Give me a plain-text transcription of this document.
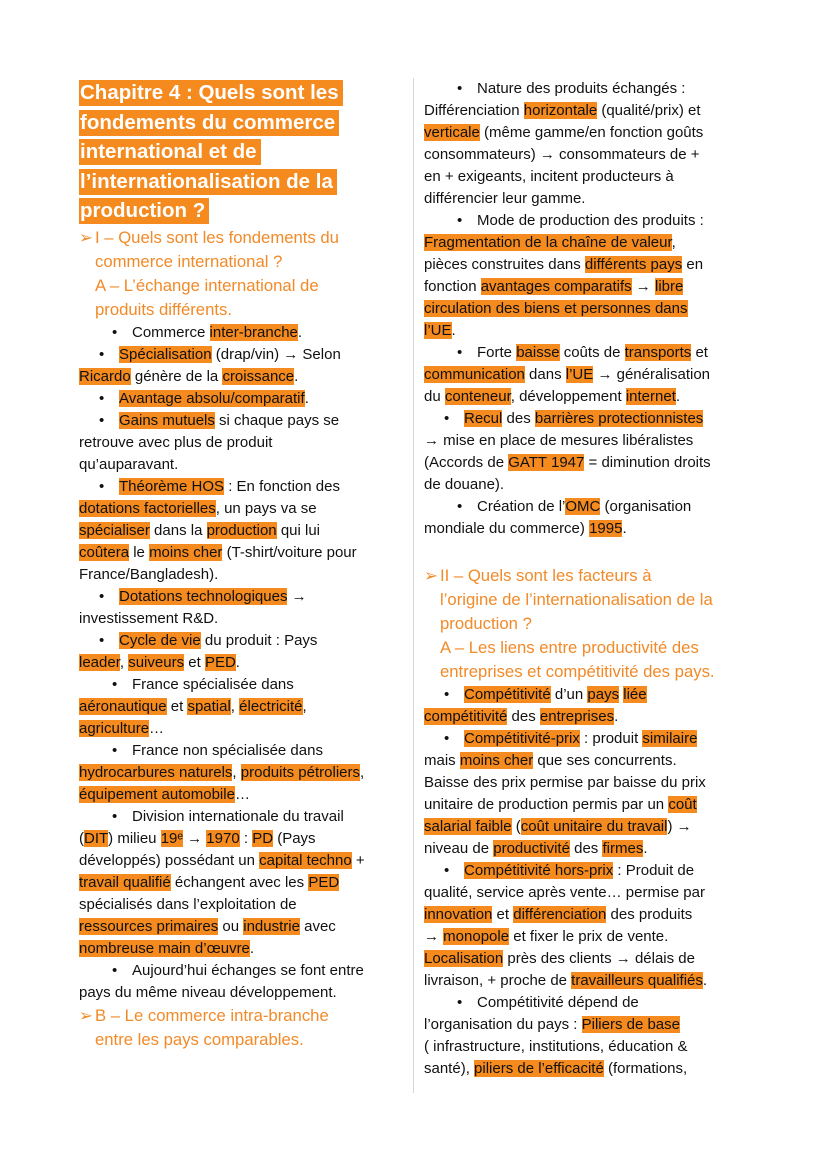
Chapitre 4 : Quels sont les fondements du commerce international et de l’internationalisation de la production ?
➢ I – Quels sont les fondements du
commerce international ?
A – L’échange international de
produits différents.
• Commerce inter-branche.
• Spécialisation (drap/vin) → Selon
Ricardo génère de la croissance.
• Avantage absolu/comparatif.
• Gains mutuels si chaque pays se
retrouve avec plus de produit
qu’auparavant.
• Théorème HOS : En fonction des
dotations factorielles, un pays va se
spécialiser dans la production qui lui
coûtera le moins cher (T-shirt/voiture pour
France/Bangladesh).
• Dotations technologiques →
investissement R&D.
• Cycle de vie du produit : Pays
leader, suiveurs et PED.
• France spécialisée dans
aéronautique et spatial, électricité,
agriculture…
• France non spécialisée dans
hydrocarbures naturels, produits pétroliers,
équipement automobile…
• Division internationale du travail
(DIT) milieu 19ᵉ → 1970 : PD (Pays
développés) possédant un capital techno +
travail qualifié échangent avec les PED
spécialisés dans l’exploitation de
ressources primaires ou industrie avec
nombreuse main d’œuvre.
• Aujourd’hui échanges se font entre
pays du même niveau développement.
➢ B – Le commerce intra-branche
entre les pays comparables.
• Nature des produits échangés :
Différenciation horizontale (qualité/prix) et
verticale (même gamme/en fonction goûts
consommateurs) → consommateurs de +
en + exigeants, incitent producteurs à
différencier leur gamme.
• Mode de production des produits :
Fragmentation de la chaîne de valeur,
pièces construites dans différents pays en
fonction avantages comparatifs → libre
circulation des biens et personnes dans
l’UE.
• Forte baisse coûts de transports et
communication dans l’UE → généralisation
du conteneur, développement internet.
• Recul des barrières protectionnistes
→ mise en place de mesures libéralistes
(Accords de GATT 1947 = diminution droits
de douane).
• Création de l’OMC (organisation
mondiale du commerce) 1995.
➢ II – Quels sont les facteurs à
l’origine de l’internationalisation de la
production ?
A – Les liens entre productivité des
entreprises et compétitivité des pays.
• Compétitivité d’un pays liée
compétitivité des entreprises.
• Compétitivité-prix : produit similaire
mais moins cher que ses concurrents.
Baisse des prix permise par baisse du prix
unitaire de production permis par un coût
salarial faible (coût unitaire du travail) →
niveau de productivité des firmes.
• Compétitivité hors-prix : Produit de
qualité, service après vente… permise par
innovation et différenciation des produits
→ monopole et fixer le prix de vente.
Localisation près des clients → délais de
livraison, + proche de travailleurs qualifiés.
• Compétitivité dépend de
l’organisation du pays : Piliers de base
( infrastructure, institutions, éducation &
santé), piliers de l’efficacité (formations,
